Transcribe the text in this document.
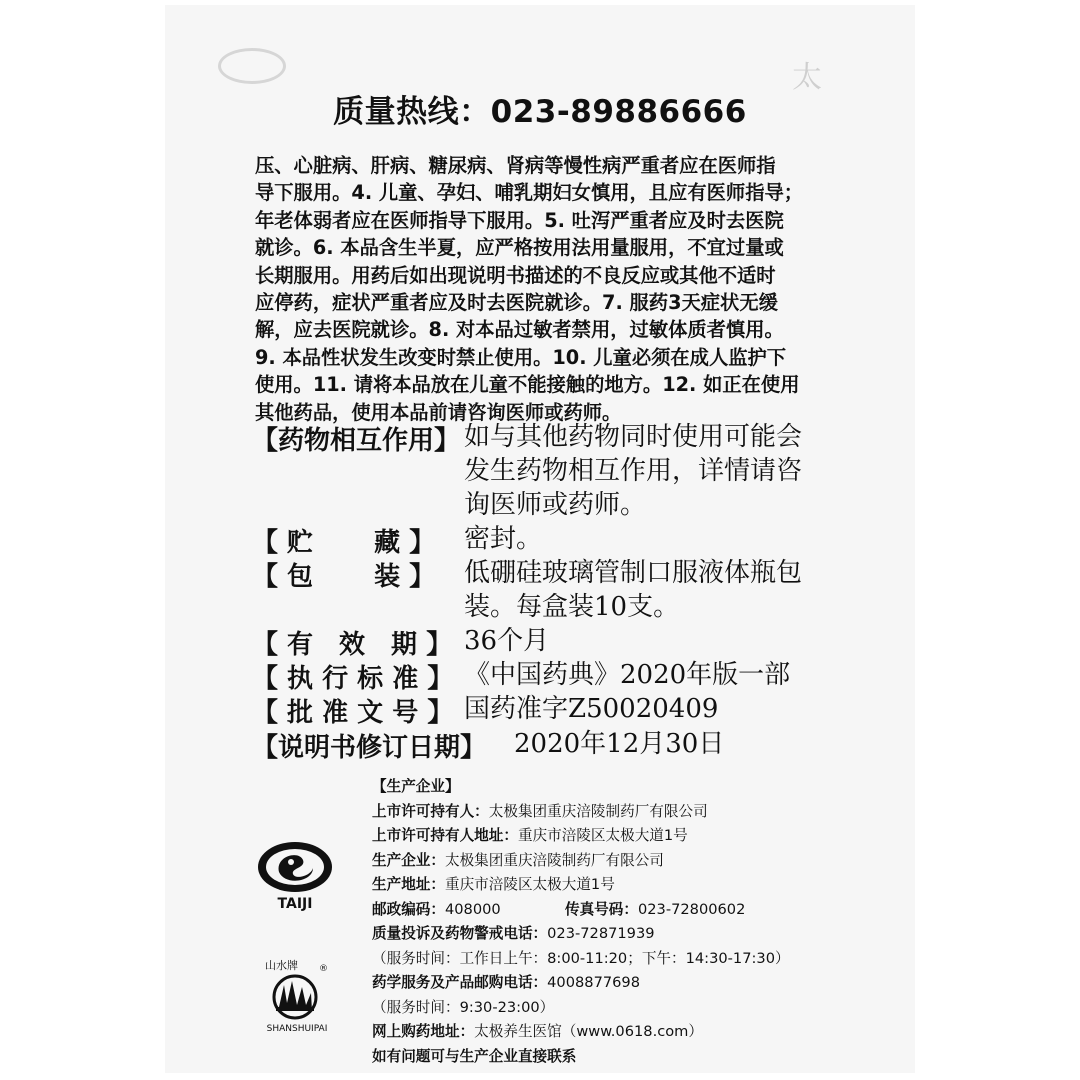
太
质量热线：023-89886666
压、心脏病、肝病、糖尿病、肾病等慢性病严重者应在医师指
导下服用。4. 儿童、孕妇、哺乳期妇女慎用，且应有医师指导；
年老体弱者应在医师指导下服用。5. 吐泻严重者应及时去医院
就诊。6. 本品含生半夏，应严格按用法用量服用，不宜过量或
长期服用。用药后如出现说明书描述的不良反应或其他不适时
应停药，症状严重者应及时去医院就诊。7. 服药3天症状无缓
解，应去医院就诊。8. 对本品过敏者禁用，过敏体质者慎用。
9. 本品性状发生改变时禁止使用。10. 儿童必须在成人监护下
使用。11. 请将本品放在儿童不能接触的地方。12. 如正在使用
其他药品，使用本品前请咨询医师或药师。
【药物相互作用】 如与其他药物同时使用可能会
发生药物相互作用，详情请咨
询医师或药师。
【 贮　　 藏 】 密封。
【 包　　 装 】 低硼硅玻璃管制口服液体瓶包
装。每盒装10支。
【 有　效　期 】 36个月
【 执 行 标 准 】 《中国药典》2020年版一部
【 批 准 文 号 】 国药准字Z50020409
【说明书修订日期】 2020年12月30日
【生产企业】
上市许可持有人：太极集团重庆涪陵制药厂有限公司
上市许可持有人地址：重庆市涪陵区太极大道1号
生产企业：太极集团重庆涪陵制药厂有限公司
生产地址：重庆市涪陵区太极大道1号
邮政编码：408000	传真号码：023-72800602
质量投诉及药物警戒电话：023-72871939
（服务时间：工作日上午：8:00-11:20；下午：14:30-17:30）
药学服务及产品邮购电话：4008877698
（服务时间：9:30-23:00）
网上购药地址：太极养生医馆（www.0618.com）
如有问题可与生产企业直接联系
TAIJI
山水牌 ®
SHANSHUIPAI
